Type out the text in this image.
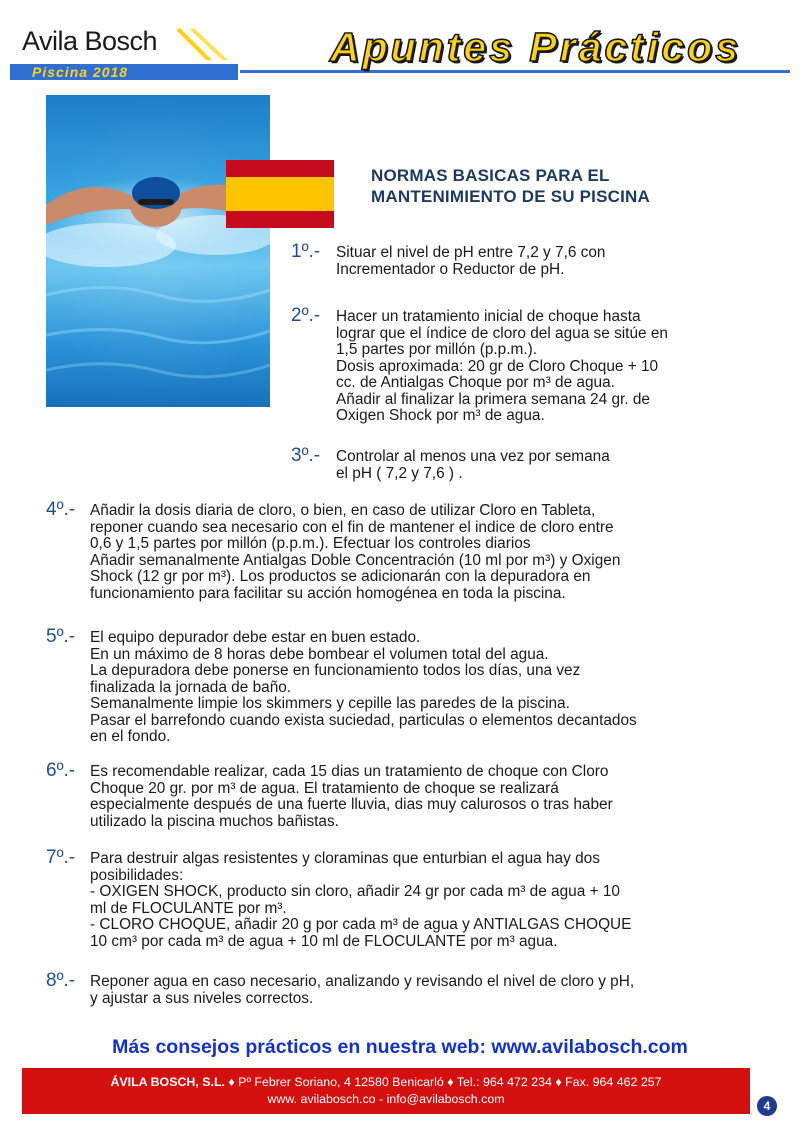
Avila Bosch
Piscina 2018
Apuntes Prácticos
NORMAS BASICAS PARA EL
MANTENIMIENTO DE SU PISCINA
1º.- Situar el nivel de pH entre 7,2 y 7,6 con
Incrementador o Reductor de pH.
2º.- Hacer un tratamiento inicial de choque hasta
lograr que el índice de cloro del agua se sitúe en
1,5 partes por millón (p.p.m.).
Dosis aproximada: 20 gr de Cloro Choque + 10
cc. de Antialgas Choque por m³ de agua.
Añadir al finalizar la primera semana 24 gr. de
Oxigen Shock por m³ de agua.
3º.- Controlar al menos una vez por semana
el pH ( 7,2 y 7,6 ) .
4º.- Añadir la dosis diaria de cloro, o bien, en caso de utilizar Cloro en Tableta,
reponer cuando sea necesario con el fin de mantener el indice de cloro entre
0,6 y 1,5 partes por millón (p.p.m.). Efectuar los controles diarios
Añadir semanalmente Antialgas Doble Concentración (10 ml por m³) y Oxigen
Shock (12 gr por m³). Los productos se adicionarán con la depuradora en
funcionamiento para facilitar su acción homogénea en toda la piscina.
5º.- El equipo depurador debe estar en buen estado.
En un máximo de 8 horas debe bombear el volumen total del agua.
La depuradora debe ponerse en funcionamiento todos los días, una vez
finalizada la jornada de baño.
Semanalmente limpie los skimmers y cepille las paredes de la piscina.
Pasar el barrefondo cuando exista suciedad, particulas o elementos decantados
en el fondo.
6º.- Es recomendable realizar, cada 15 dias un tratamiento de choque con Cloro
Choque 20 gr. por m³ de agua. El tratamiento de choque se realizará
especialmente después de una fuerte lluvia, dias muy calurosos o tras haber
utilizado la piscina muchos bañistas.
7º.- Para destruir algas resistentes y cloraminas que enturbian el agua hay dos
posibilidades:
- OXIGEN SHOCK, producto sin cloro, añadir 24 gr por cada m³ de agua + 10
ml de FLOCULANTE por m³.
- CLORO CHOQUE, añadir 20 g por cada m³ de agua y ANTIALGAS CHOQUE
10 cm³ por cada m³ de agua + 10 ml de FLOCULANTE por m³ agua.
8º.- Reponer agua en caso necesario, analizando y revisando el nivel de cloro y pH,
y ajustar a sus niveles correctos.
Más consejos prácticos en nuestra web: www.avilabosch.com
ÁVILA BOSCH, S.L. ♦ Pº Febrer Soriano, 4 12580 Benicarló ♦ Tel.: 964 472 234 ♦ Fax. 964 462 257
www. avilabosch.co - info@avilabosch.com	4
